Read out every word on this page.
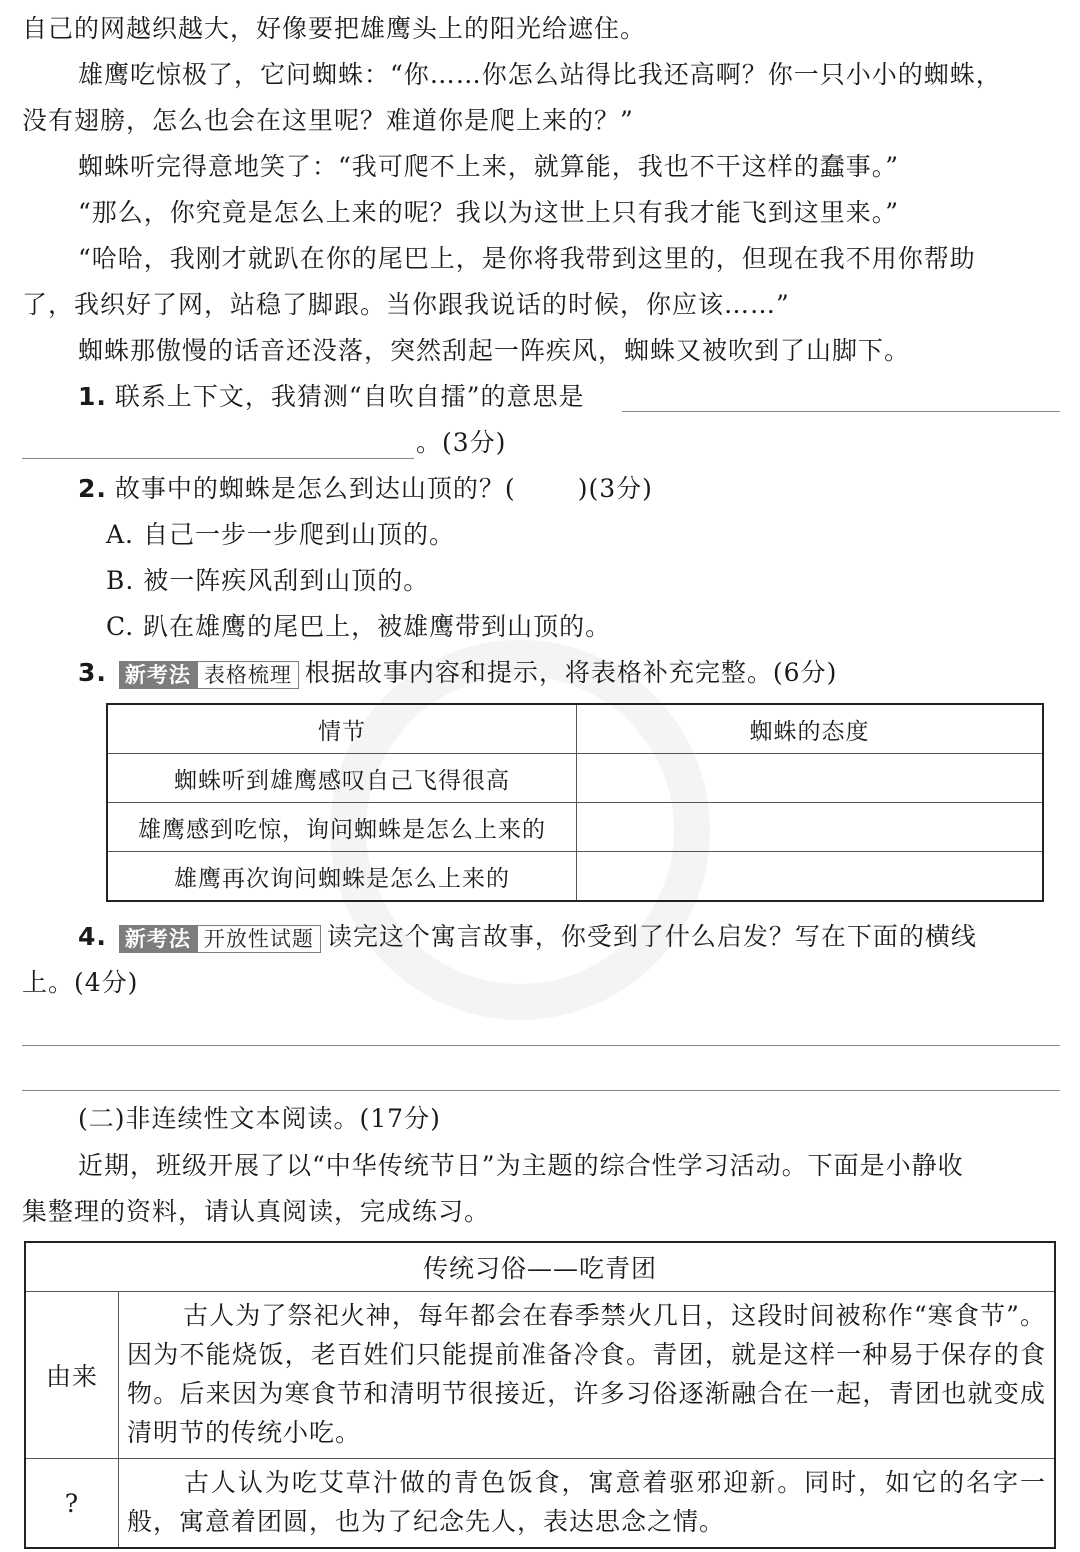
自己的网越织越大，好像要把雄鹰头上的阳光给遮住。
雄鹰吃惊极了，它问蜘蛛：“你……你怎么站得比我还高啊？你一只小小的蜘蛛，
没有翅膀，怎么也会在这里呢？难道你是爬上来的？”
蜘蛛听完得意地笑了：“我可爬不上来，就算能，我也不干这样的蠢事。”
“那么，你究竟是怎么上来的呢？我以为这世上只有我才能飞到这里来。”
“哈哈，我刚才就趴在你的尾巴上，是你将我带到这里的，但现在我不用你帮助
了，我织好了网，站稳了脚跟。当你跟我说话的时候，你应该……”
蜘蛛那傲慢的话音还没落，突然刮起一阵疾风，蜘蛛又被吹到了山脚下。
1. 联系上下文，我猜测“自吹自擂”的意思是
。(3分)
2. 故事中的蜘蛛是怎么到达山顶的？( )(3分)
A. 自己一步一步爬到山顶的。
B. 被一阵疾风刮到山顶的。
C. 趴在雄鹰的尾巴上，被雄鹰带到山顶的。
3. 新考法 表格梳理 根据故事内容和提示，将表格补充完整。(6分)
情节	蜘蛛的态度
蜘蛛听到雄鹰感叹自己飞得很高	
雄鹰感到吃惊，询问蜘蛛是怎么上来的	
雄鹰再次询问蜘蛛是怎么上来的	
4. 新考法 开放性试题 读完这个寓言故事，你受到了什么启发？写在下面的横线
上。(4分)
(二)非连续性文本阅读。(17分)
近期，班级开展了以“中华传统节日”为主题的综合性学习活动。下面是小静收
集整理的资料，请认真阅读，完成练习。
传统习俗——吃青团	
由来	古人为了祭祀火神，每年都会在春季禁火几日，这段时间被称作“寒食节”。因为不能烧饭，老百姓们只能提前准备冷食。青团，就是这样一种易于保存的食物。后来因为寒食节和清明节很接近，许多习俗逐渐融合在一起，青团也就变成清明节的传统小吃。
?	古人认为吃艾草汁做的青色饭食，寓意着驱邪迎新。同时，如它的名字一般，寓意着团圆，也为了纪念先人，表达思念之情。
